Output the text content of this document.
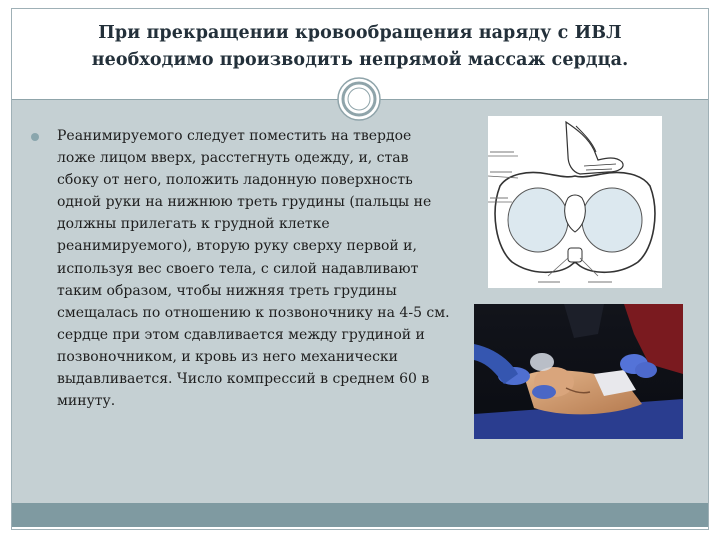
При прекращении кровообращения наряду с ИВЛ
необходимо производить непрямой массаж сердца.
Реанимируемого следует поместить на твердое ложе лицом вверх, расстегнуть одежду, и, став сбоку от него, положить ладонную поверхность одной руки на нижнюю треть грудины (пальцы не должны прилегать к грудной клетке реанимируемого), вторую руку сверху первой и, используя вес своего тела, с силой надавливают таким образом, чтобы нижняя треть грудины смещалась по отношению к позвоночнику на 4-5 см. сердце при этом сдавливается между грудиной и позвоночником, и кровь из него механически выдавливается. Число компрессий в среднем 60 в минуту.
